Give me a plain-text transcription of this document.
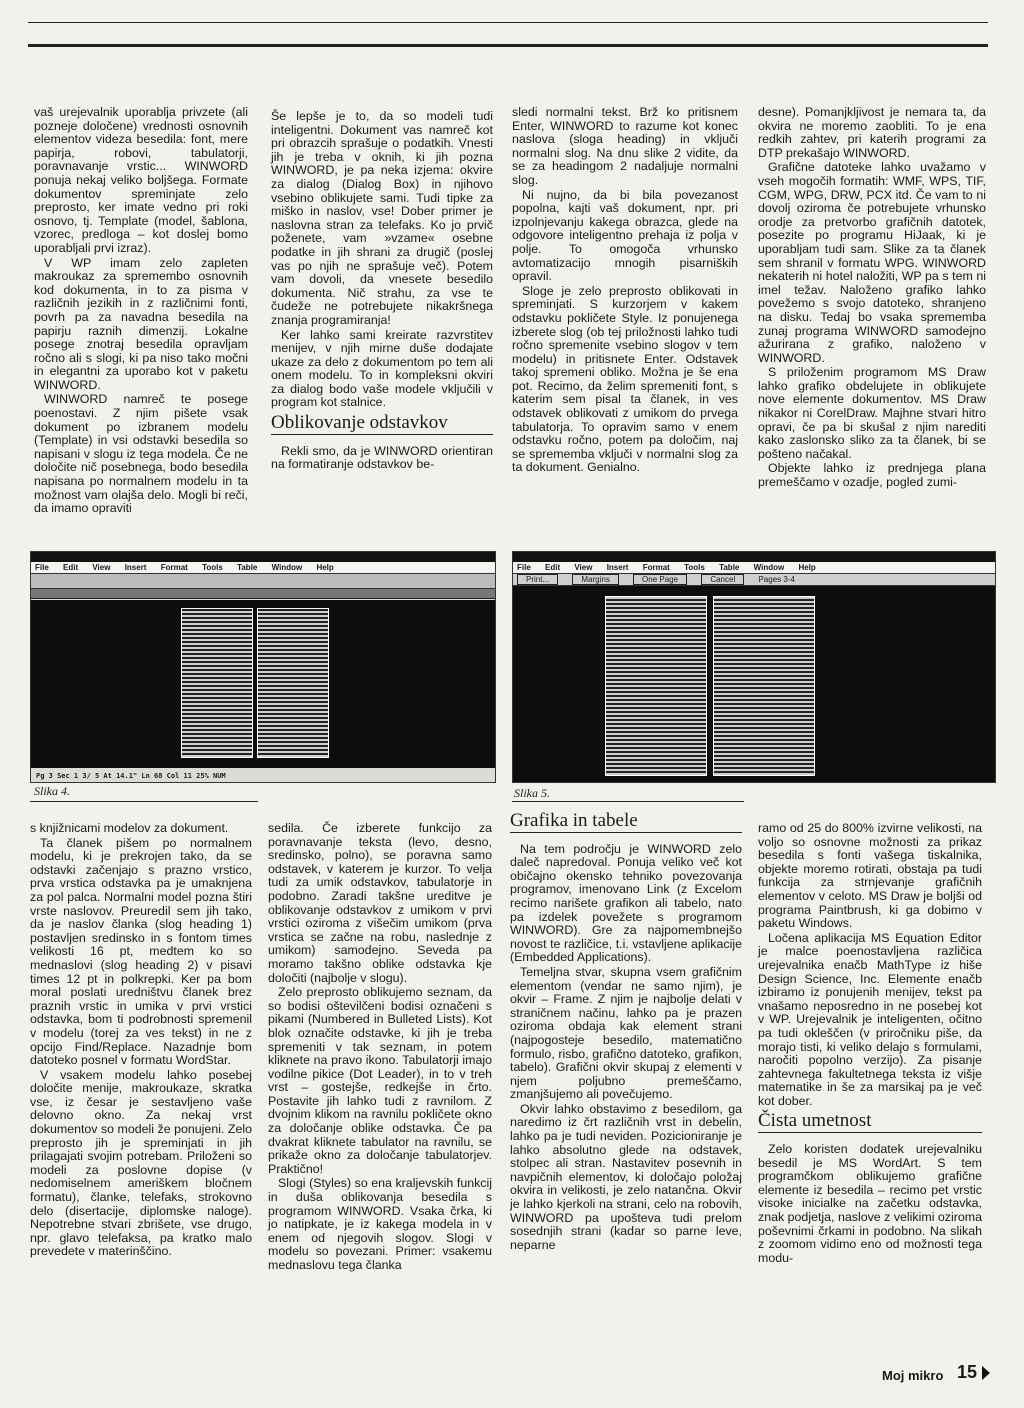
vaš urejevalnik uporablja privzete (ali pozneje določene) vrednosti osnovnih elementov videza besedila: font, mere papirja, robovi, tabulatorji, poravnavanje vrstic... WINWORD ponuja nekaj veliko boljšega. Formate dokumentov spreminjate zelo preprosto, ker imate vedno pri roki osnovo, tj. Template (model, šablona, vzorec, predloga – kot doslej bomo uporabljali prvi izraz).

V WP imam zelo zapleten makroukaz za spremembo osnovnih kod dokumenta, in to za pisma v različnih jezikih in z različnimi fonti, povrh pa za navadna besedila na papirju raznih dimenzij. Lokalne posege znotraj besedila opravljam ročno ali s slogi, ki pa niso tako močni in elegantni za uporabo kot v paketu WINWORD.

WINWORD namreč te posege poenostavi. Z njim pišete vsak dokument po izbranem modelu (Template) in vsi odstavki besedila so napisani v slogu iz tega modela. Če ne določite nič posebnega, bodo besedila napisana po normalnem modelu in ta možnost vam olajša delo. Mogli bi reči, da imamo opraviti

Še lepše je to, da so modeli tudi inteligentni. Dokument vas namreč kot pri obrazcih sprašuje o podatkih. Vnesti jih je treba v oknih, ki jih pozna WINWORD, je pa neka izjema: okvire za dialog (Dialog Box) in njihovo vsebino oblikujete sami. Tudi tipke za miško in naslov, vse! Dober primer je naslovna stran za telefaks. Ko jo prvič poženete, vam »vzame« osebne podatke in jih shrani za drugič (poslej vas po njih ne sprašuje več). Potem vam dovoli, da vnesete besedilo dokumenta. Nič strahu, za vse te čudeže ne potrebujete nikakršnega znanja programiranja!

Ker lahko sami kreirate razvrstitev menijev, v njih mirne duše dodajate ukaze za delo z dokumentom po tem ali onem modelu. To in kompleksni okviri za dialog bodo vaše modele vključili v program kot stalnice.

Oblikovanje odstavkov

Rekli smo, da je WINWORD orientiran na formatiranje odstavkov be-

sledi normalni tekst. Brž ko pritisnem Enter, WINWORD to razume kot konec naslova (sloga heading) in vključi normalni slog. Na dnu slike 2 vidite, da se za headingom 2 nadaljuje normalni slog.

Ni nujno, da bi bila povezanost popolna, kajti vaš dokument, npr. pri izpolnjevanju kakega obrazca, glede na odgovore inteligentno prehaja iz polja v polje. To omogoča vrhunsko avtomatizacijo mnogih pisarniških opravil.

Sloge je zelo preprosto oblikovati in spreminjati. S kurzorjem v kakem odstavku pokličete Style. Iz ponujenega izberete slog (ob tej priložnosti lahko tudi ročno spremenite vsebino slogov v tem modelu) in pritisnete Enter. Odstavek takoj spremeni obliko. Možna je še ena pot. Recimo, da želim spremeniti font, s katerim sem pisal ta članek, in ves odstavek oblikovati z umikom do prvega tabulatorja. To opravim samo v enem odstavku ročno, potem pa določim, naj se sprememba vključi v normalni slog za ta dokument. Genialno.

desne). Pomanjkljivost je nemara ta, da okvira ne moremo zaobliti. To je ena redkih zahtev, pri katerih programi za DTP prekašajo WINWORD.

Grafične datoteke lahko uvažamo v vseh mogočih formatih: WMF, WPS, TIF, CGM, WPG, DRW, PCX itd. Če vam to ni dovolj oziroma če potrebujete vrhunsko orodje za pretvorbo grafičnih datotek, posezite po programu HiJaak, ki je uporabljam tudi sam. Slike za ta članek sem shranil v formatu WPG. WINWORD nekaterih ni hotel naložiti, WP pa s tem ni imel težav. Naloženo grafiko lahko povežemo s svojo datoteko, shranjeno na disku. Tedaj bo vsaka sprememba zunaj programa WINWORD samodejno ažurirana z grafiko, naloženo v WINWORD.

S priloženim programom MS Draw lahko grafiko obdelujete in oblikujete nove elemente dokumentov. MS Draw nikakor ni CorelDraw. Majhne stvari hitro opravi, če pa bi skušal z njim narediti kako zaslonsko sliko za ta članek, bi se pošteno načakal.

Objekte lahko iz prednjega plana premeščamo v ozadje, pogled zumi-

File Edit View Insert Format Tools Table Window Help
Pg 3 Sec 1 3/ 5 At 14.1" Ln 68 Col 11 25% NUM
Slika 4.
File Edit View Insert Format Tools Table Window Help
Print...	Margins	One Page	Cancel	Pages 3-4
Slika 5.

s knjižnicami modelov za dokument.

Ta članek pišem po normalnem modelu, ki je prekrojen tako, da se odstavki začenjajo s prazno vrstico, prva vrstica odstavka pa je umaknjena za pol palca. Normalni model pozna štiri vrste naslovov. Preuredil sem jih tako, da je naslov članka (slog heading 1) postavljen sredinsko in s fontom times velikosti 16 pt, medtem ko so mednaslovi (slog heading 2) v pisavi times 12 pt in polkrepki. Ker pa bom moral poslati uredništvu članek brez praznih vrstic in umika v prvi vrstici odstavka, bom ti podrobnosti spremenil v modelu (torej za ves tekst) in ne z opcijo Find/Replace. Nazadnje bom datoteko posnel v formatu WordStar.

V vsakem modelu lahko posebej določite menije, makroukaze, skratka vse, iz česar je sestavljeno vaše delovno okno. Za nekaj vrst dokumentov so modeli že ponujeni. Zelo preprosto jih je spreminjati in jih prilagajati svojim potrebam. Priloženi so modeli za poslovne dopise (v nedomiselnem ameriškem bločnem formatu), članke, telefaks, strokovno delo (disertacije, diplomske naloge). Nepotrebne stvari zbrišete, vse drugo, npr. glavo telefaksa, pa kratko malo prevedete v materinščino.

sedila. Če izberete funkcijo za poravnavanje teksta (levo, desno, sredinsko, polno), se poravna samo odstavek, v katerem je kurzor. To velja tudi za umik odstavkov, tabulatorje in podobno. Zaradi takšne ureditve je oblikovanje odstavkov z umikom v prvi vrstici oziroma z višečim umikom (prva vrstica se začne na robu, naslednje z umikom) samodejno. Seveda pa moramo takšno oblike odstavka kje določiti (najbolje v slogu).

Zelo preprosto oblikujemo seznam, da so bodisi oštevilčeni bodisi označeni s pikami (Numbered in Bulleted Lists). Kot blok označite odstavke, ki jih je treba spremeniti v tak seznam, in potem kliknete na pravo ikono. Tabulatorji imajo vodilne pikice (Dot Leader), in to v treh vrst – gostejše, redkejše in črto. Postavite jih lahko tudi z ravnilom. Z dvojnim klikom na ravnilu pokličete okno za določanje oblike odstavka. Če pa dvakrat kliknete tabulator na ravnilu, se prikaže okno za določanje tabulatorjev. Praktično!

Slogi (Styles) so ena kraljevskih funkcij in duša oblikovanja besedila s programom WINWORD. Vsaka črka, ki jo natipkate, je iz kakega modela in v enem od njegovih slogov. Slogi v modelu so povezani. Primer: vsakemu mednaslovu tega članka

Grafika in tabele

Na tem področju je WINWORD zelo daleč napredoval. Ponuja veliko več kot običajno okensko tehniko povezovanja programov, imenovano Link (z Excelom recimo narišete grafikon ali tabelo, nato pa izdelek povežete s programom WINWORD). Gre za najpomembnejšo novost te različice, t.i. vstavljene aplikacije (Embedded Applications).

Temeljna stvar, skupna vsem grafičnim elementom (vendar ne samo njim), je okvir – Frame. Z njim je najbolje delati v straničnem načinu, lahko pa je prazen oziroma obdaja kak element strani (najpogosteje besedilo, matematično formulo, risbo, grafično datoteko, grafikon, tabelo). Grafični okvir skupaj z elementi v njem poljubno premeščamo, zmanjšujemo ali povečujemo.

Okvir lahko obstavimo z besedilom, ga naredimo iz črt različnih vrst in debelin, lahko pa je tudi neviden. Pozicioniranje je lahko absolutno glede na odstavek, stolpec ali stran. Nastavitev posevnih in navpičnih elementov, ki določajo položaj okvira in velikosti, je zelo natančna. Okvir je lahko kjerkoli na strani, celo na robovih, WINWORD pa upošteva tudi prelom sosednjih strani (kadar so parne leve, neparne

ramo od 25 do 800% izvirne velikosti, na voljo so osnovne možnosti za prikaz besedila s fonti vašega tiskalnika, objekte moremo rotirati, obstaja pa tudi funkcija za strnjevanje grafičnih elementov v celoto. MS Draw je boljši od programa Paintbrush, ki ga dobimo v paketu Windows.

Ločena aplikacija MS Equation Editor je malce poenostavljena različica urejevalnika enačb MathType iz hiše Design Science, Inc. Elemente enačb izbiramo iz ponujenih menijev, tekst pa vnašamo neposredno in ne posebej kot v WP. Urejevalnik je inteligenten, očitno pa tudi okleščen (v priročniku piše, da morajo tisti, ki veliko delajo s formulami, naročiti popolno verzijo). Za pisanje zahtevnega fakultetnega teksta iz višje matematike in še za marsikaj pa je več kot dober.

Čista umetnost

Zelo koristen dodatek urejevalniku besedil je MS WordArt. S tem programčkom oblikujemo grafične elemente iz besedila – recimo pet vrstic visoke inicialke na začetku odstavka, znak podjetja, naslove z velikimi oziroma poševnimi črkami in podobno. Na slikah z zoomom vidimo eno od možnosti tega modu-

Moj mikro 15
